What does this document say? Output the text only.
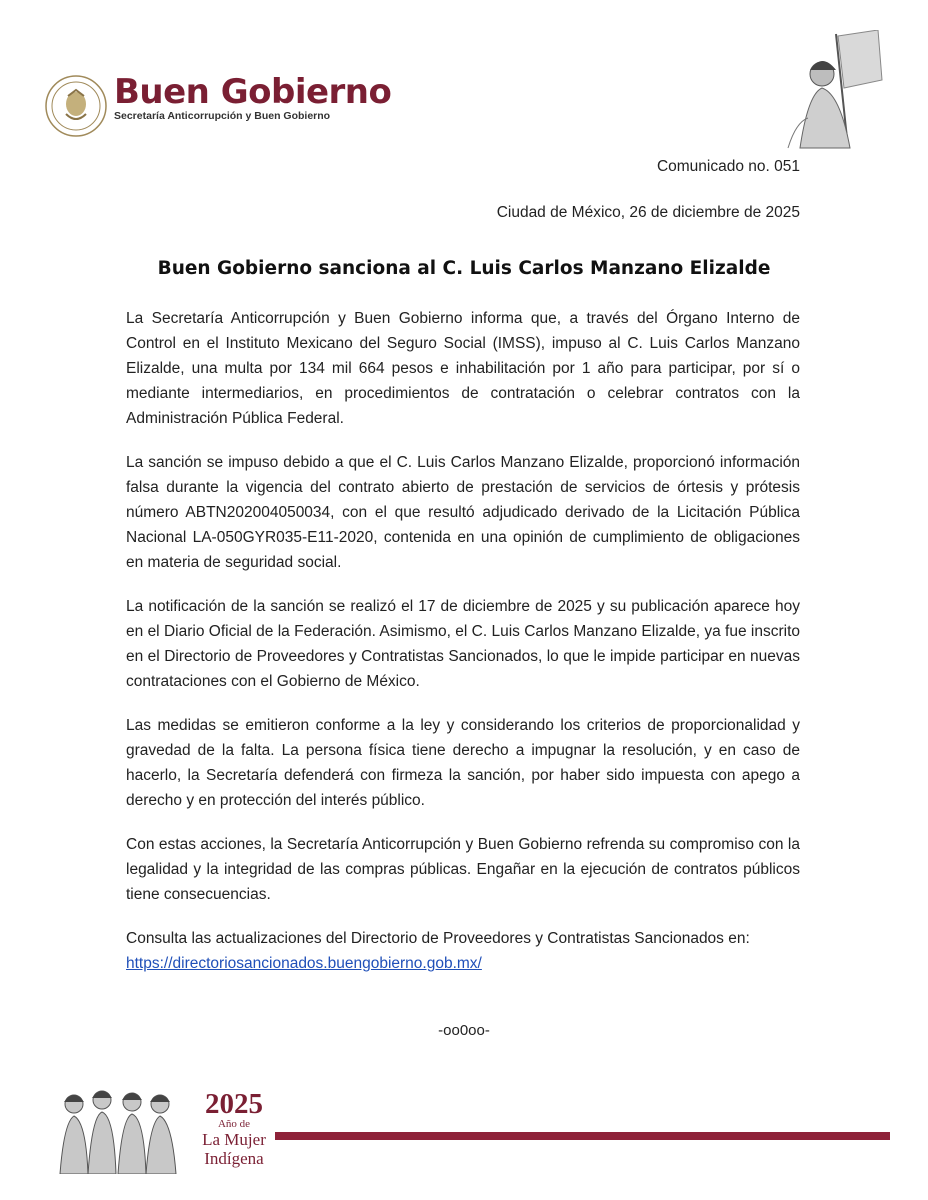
Buen Gobierno
Secretaría Anticorrupción y Buen Gobierno
Comunicado no. 051
Ciudad de México, 26 de diciembre de 2025
Buen Gobierno sanciona al C. Luis Carlos Manzano Elizalde

La Secretaría Anticorrupción y Buen Gobierno informa que, a través del Órgano Interno de Control en el Instituto Mexicano del Seguro Social (IMSS), impuso al C. Luis Carlos Manzano Elizalde, una multa por 134 mil 664 pesos e inhabilitación por 1 año para participar, por sí o mediante intermediarios, en procedimientos de contratación o celebrar contratos con la Administración Pública Federal.

La sanción se impuso debido a que el C. Luis Carlos Manzano Elizalde, proporcionó información falsa durante la vigencia del contrato abierto de prestación de servicios de órtesis y prótesis número ABTN202004050034, con el que resultó adjudicado derivado de la Licitación Pública Nacional LA-050GYR035-E11-2020, contenida en una opinión de cumplimiento de obligaciones en materia de seguridad social.

La notificación de la sanción se realizó el 17 de diciembre de 2025 y su publicación aparece hoy en el Diario Oficial de la Federación. Asimismo, el C. Luis Carlos Manzano Elizalde, ya fue inscrito en el Directorio de Proveedores y Contratistas Sancionados, lo que le impide participar en nuevas contrataciones con el Gobierno de México.

Las medidas se emitieron conforme a la ley y considerando los criterios de proporcionalidad y gravedad de la falta. La persona física tiene derecho a impugnar la resolución, y en caso de hacerlo, la Secretaría defenderá con firmeza la sanción, por haber sido impuesta con apego a derecho y en protección del interés público.

Con estas acciones, la Secretaría Anticorrupción y Buen Gobierno refrenda su compromiso con la legalidad y la integridad de las compras públicas. Engañar en la ejecución de contratos públicos tiene consecuencias.

Consulta las actualizaciones del Directorio de Proveedores y Contratistas Sancionados en:  https://directoriosancionados.buengobierno.gob.mx/

-oo0oo-
2025
Año de
La Mujer
Indígena
